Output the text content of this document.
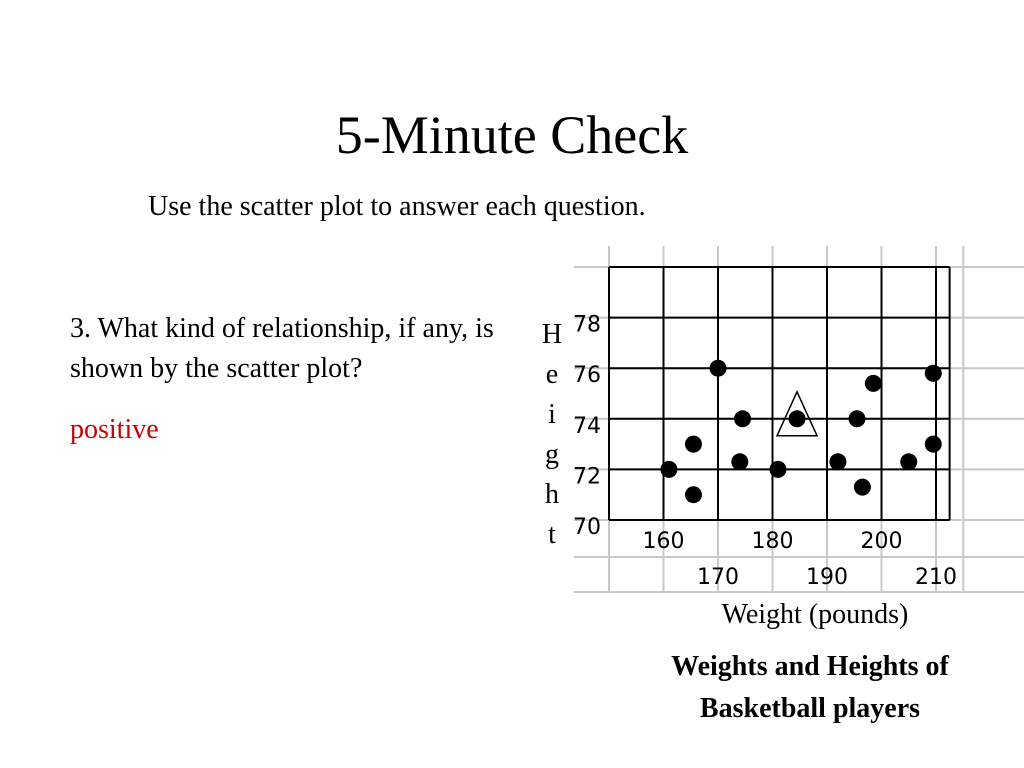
5-Minute Check
Use the scatter plot to answer each question.
3. What kind of relationship, if any, is shown by the scatter plot?
positive
H
e
i
g
h
t 70
72
74
76
78
160	180	200
170	190	210
Weight (pounds)
Weights and Heights of Basketball players
